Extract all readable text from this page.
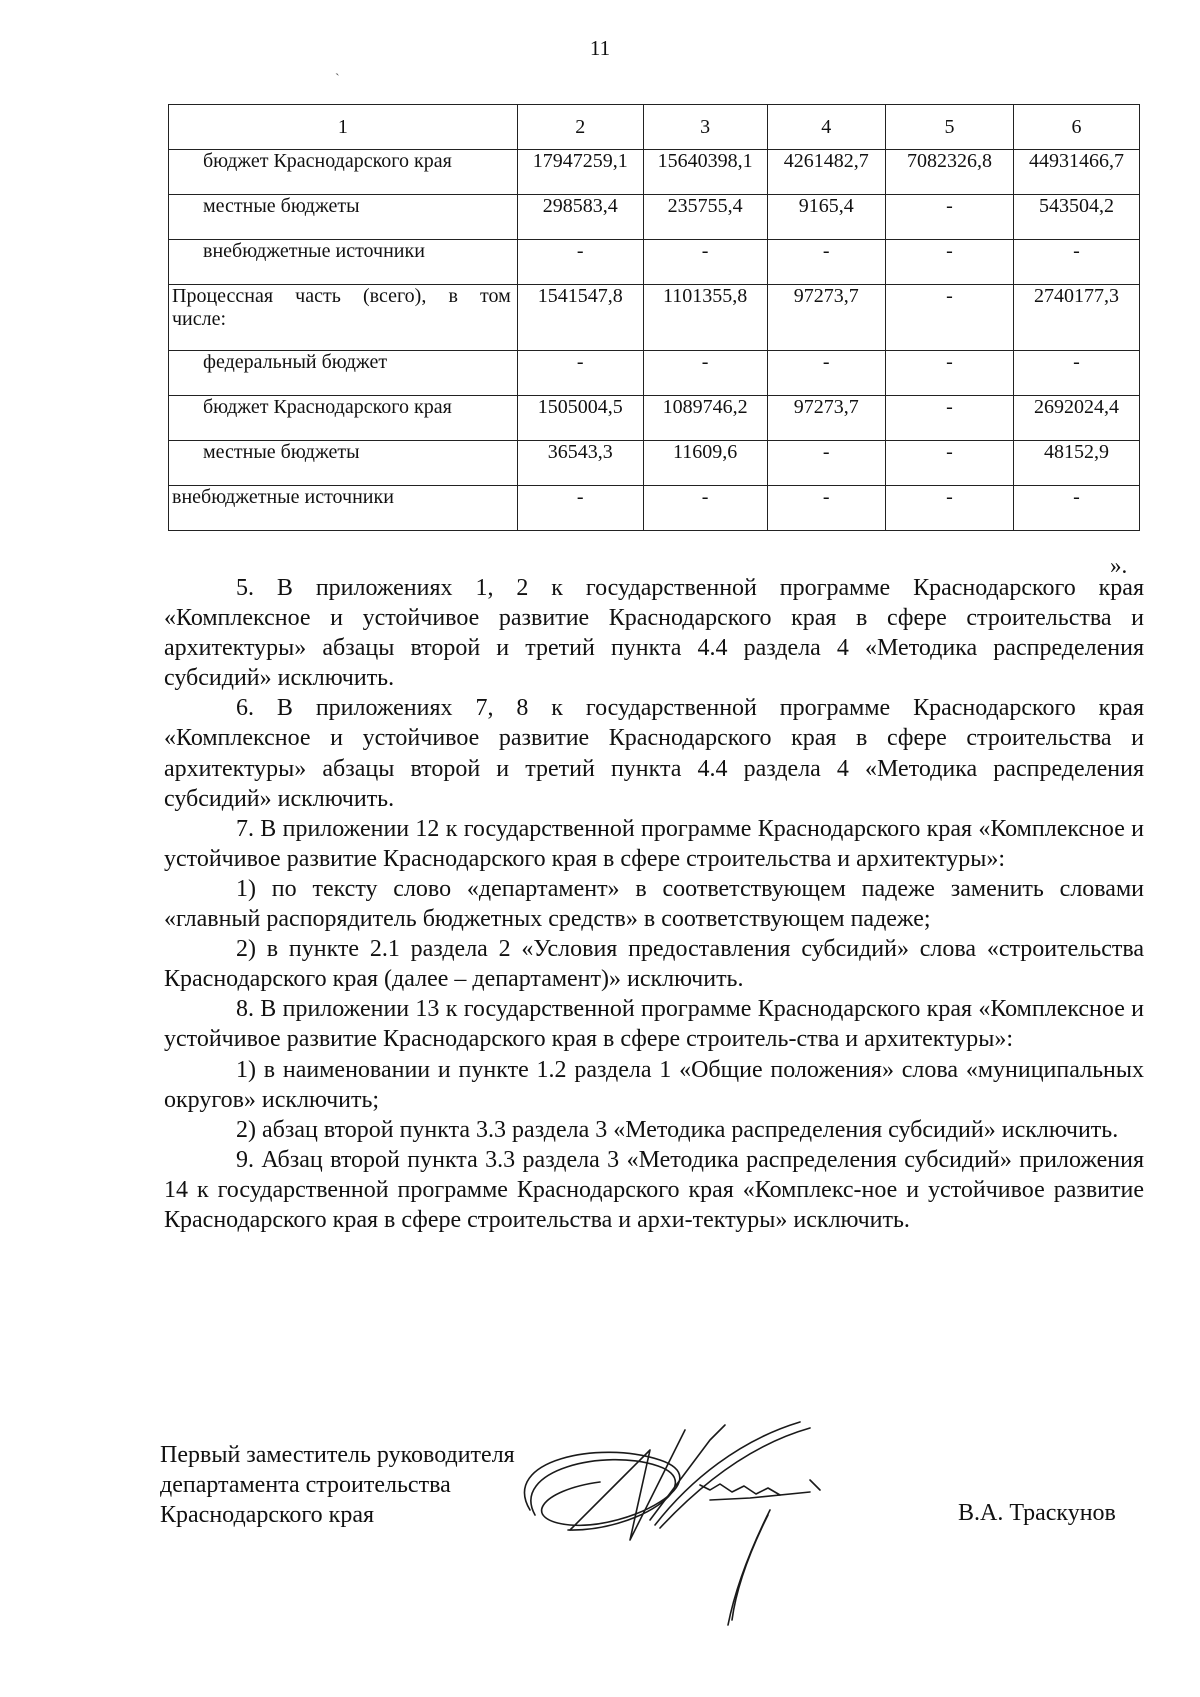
11
`
1	2	3	4	5	6
бюджет Краснодарского края	17947259,1	15640398,1	4261482,7	7082326,8	44931466,7
местные бюджеты	298583,4	235755,4	9165,4	-	543504,2
внебюджетные источники	-	-	-	-	-

Процессная часть (всего), в том
числе:	1541547,8	1101355,8	97273,7	-	2740177,3
федеральный бюджет	-	-	-	-	-
бюджет Краснодарского края	1505004,5	1089746,2	97273,7	-	2692024,4
местные бюджеты	36543,3	11609,6	-	-	48152,9
внебюджетные источники	-	-	-	-	-
».

5. В приложениях 1, 2 к государственной программе Краснодарского края «Комплексное и устойчивое развитие Краснодарского края в сфере строительства и архитектуры» абзацы второй и третий пункта 4.4 раздела 4 «Методика распределения субсидий» исключить.

6. В приложениях 7, 8 к государственной программе Краснодарского края «Комплексное и устойчивое развитие Краснодарского края в сфере строительства и архитектуры» абзацы второй и третий пункта 4.4 раздела 4 «Методика распределения субсидий» исключить.

7. В приложении 12 к государственной программе Краснодарского края «Комплексное и устойчивое развитие Краснодарского края в сфере строительства и архитектуры»:

1) по тексту слово «департамент» в соответствующем падеже заменить словами «главный распорядитель бюджетных средств» в соответствующем падеже;

2) в пункте 2.1 раздела 2 «Условия предоставления субсидий» слова «строительства Краснодарского края (далее – департамент)» исключить.

8. В приложении 13 к государственной программе Краснодарского края «Комплексное и устойчивое развитие Краснодарского края в сфере строитель-ства и архитектуры»:

1) в наименовании и пункте 1.2 раздела 1 «Общие положения» слова «муниципальных округов» исключить;

2) абзац второй пункта 3.3 раздела 3 «Методика распределения субсидий» исключить.

9. Абзац второй пункта 3.3 раздела 3 «Методика распределения субсидий» приложения 14 к государственной программе Краснодарского края «Комплекс-ное и устойчивое развитие Краснодарского края в сфере строительства и архи-тектуры» исключить.

Первый заместитель руководителя
департамента строительства
Краснодарского края	В.А. Траскунов
